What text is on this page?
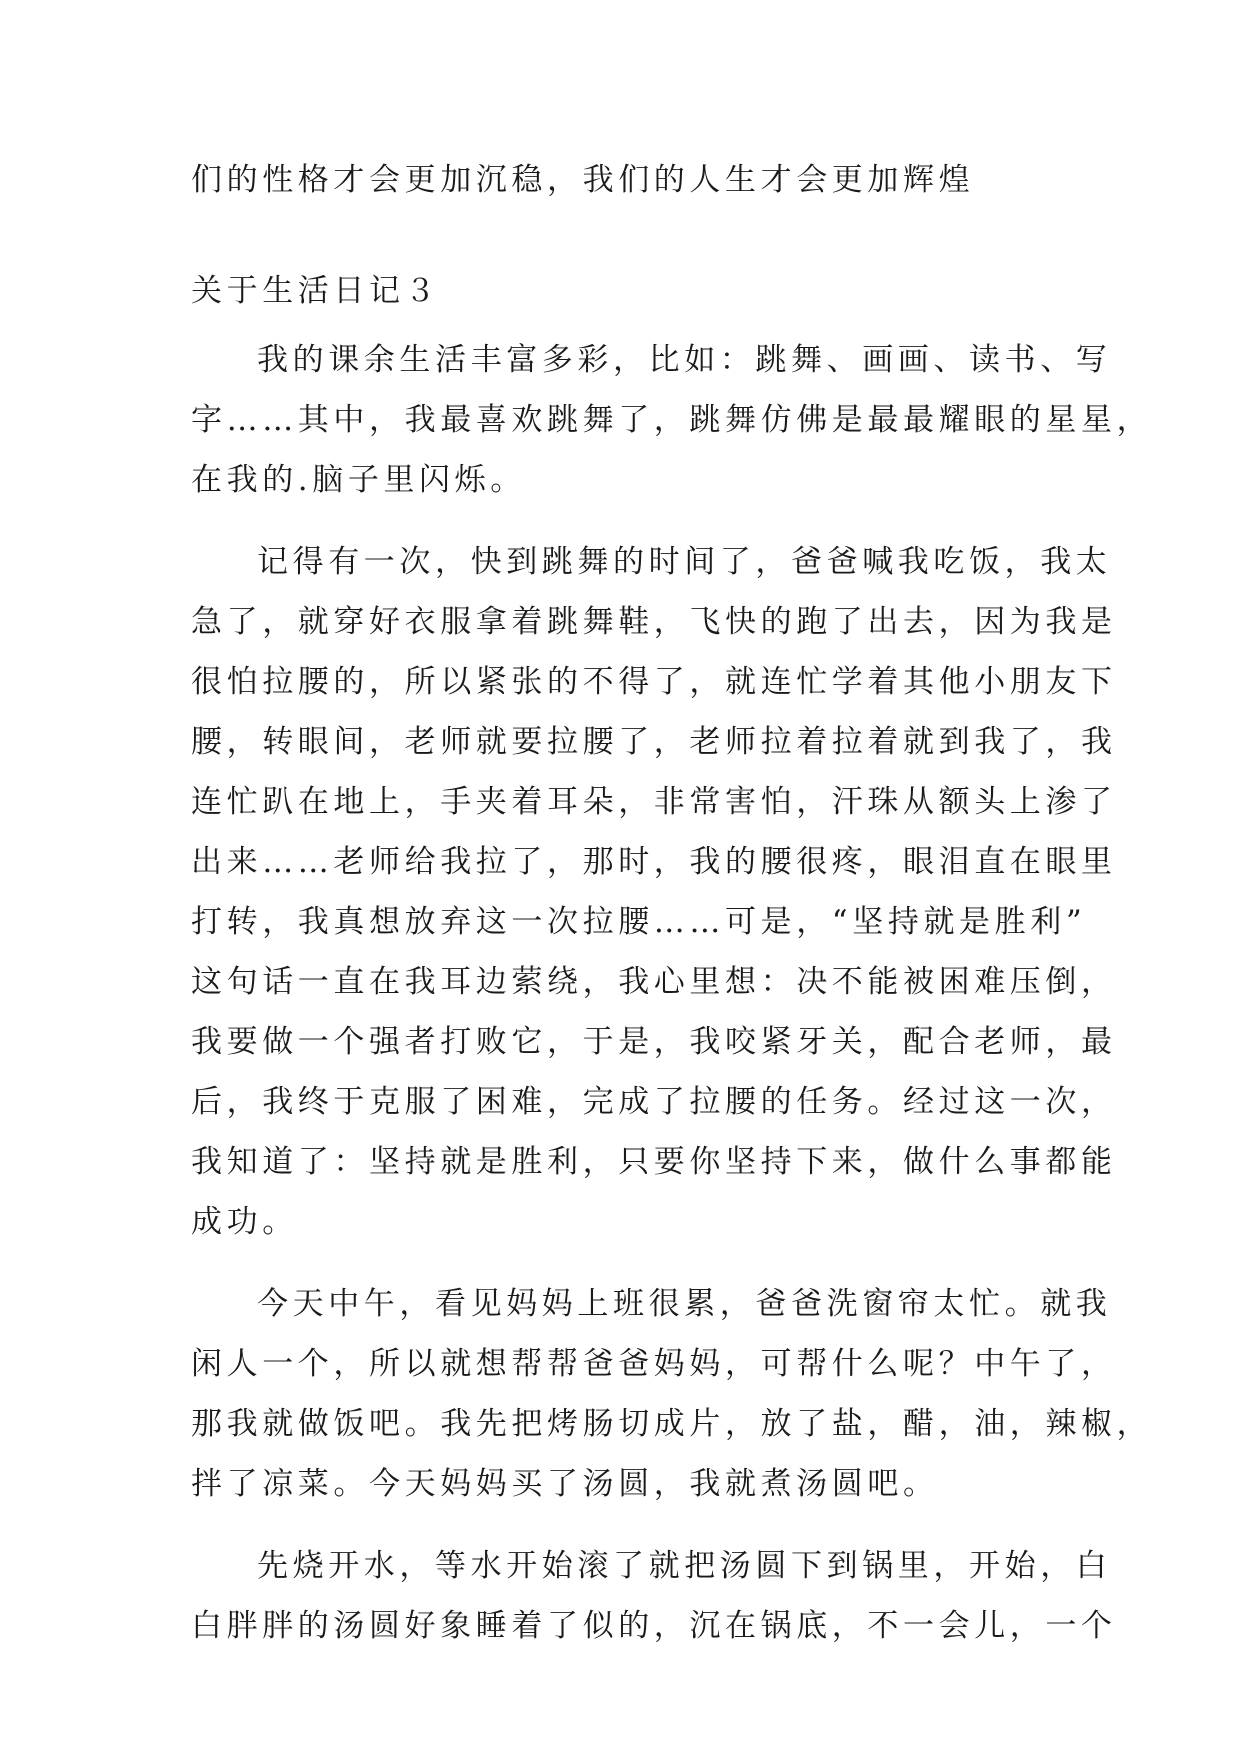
们的性格才会更加沉稳，我们的人生才会更加辉煌
关于生活日记３
我的课余生活丰富多彩，比如：跳舞、画画、读书、写
字……其中，我最喜欢跳舞了，跳舞仿佛是最最耀眼的星星，
在我的.脑子里闪烁。
记得有一次，快到跳舞的时间了，爸爸喊我吃饭，我太
急了，就穿好衣服拿着跳舞鞋，飞快的跑了出去，因为我是
很怕拉腰的，所以紧张的不得了，就连忙学着其他小朋友下
腰，转眼间，老师就要拉腰了，老师拉着拉着就到我了，我
连忙趴在地上，手夹着耳朵，非常害怕，汗珠从额头上渗了
出来……老师给我拉了，那时，我的腰很疼，眼泪直在眼里
打转，我真想放弃这一次拉腰……可是，“坚持就是胜利”
这句话一直在我耳边萦绕，我心里想：决不能被困难压倒，
我要做一个强者打败它，于是，我咬紧牙关，配合老师，最
后，我终于克服了困难，完成了拉腰的任务。经过这一次，
我知道了：坚持就是胜利，只要你坚持下来，做什么事都能
成功。
今天中午，看见妈妈上班很累，爸爸洗窗帘太忙。就我
闲人一个，所以就想帮帮爸爸妈妈，可帮什么呢？中午了，
那我就做饭吧。我先把烤肠切成片，放了盐，醋，油，辣椒，
拌了凉菜。今天妈妈买了汤圆，我就煮汤圆吧。
先烧开水，等水开始滚了就把汤圆下到锅里，开始，白
白胖胖的汤圆好象睡着了似的，沉在锅底，不一会儿，一个
